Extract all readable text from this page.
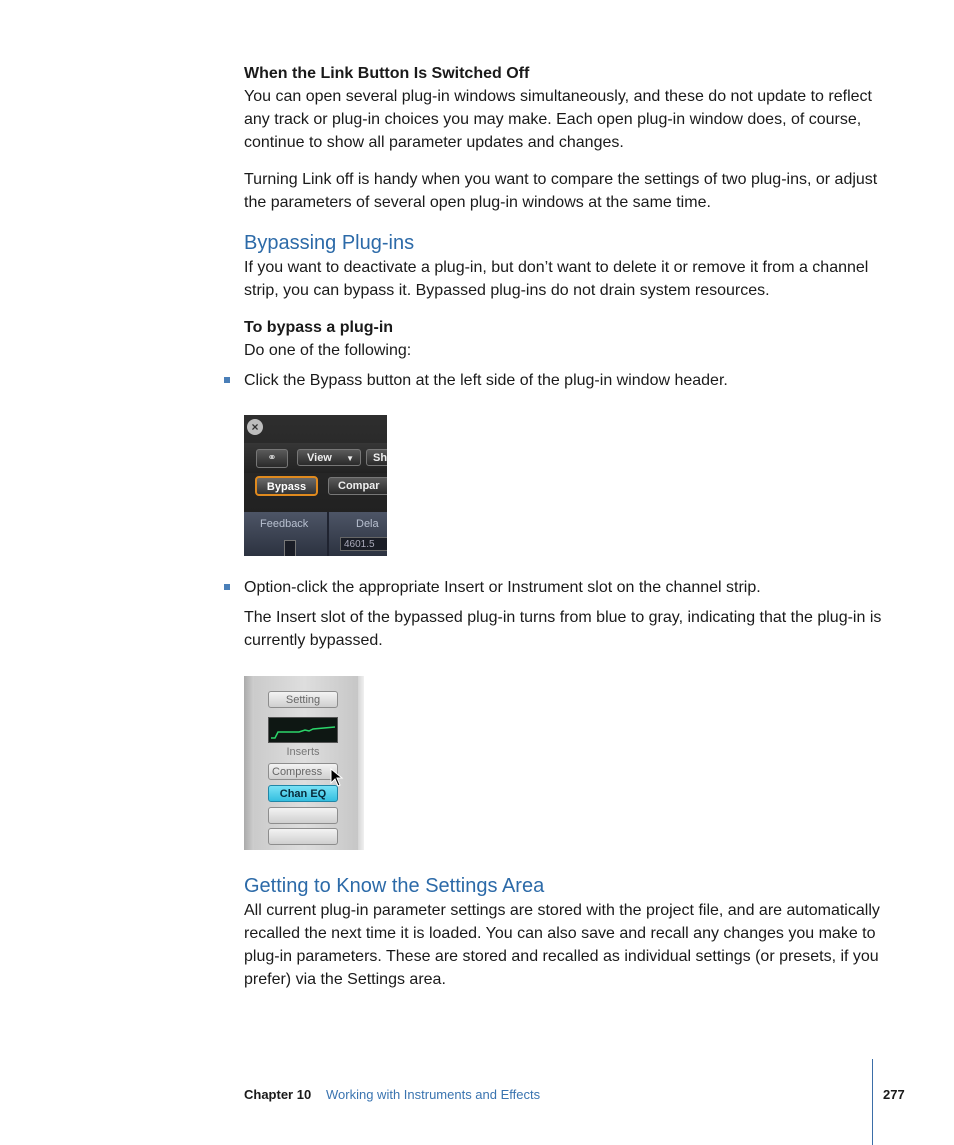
When the Link Button Is Switched Off

You can open several plug-in windows simultaneously, and these do not update to reflect any track or plug-in choices you may make. Each open plug-in window does, of course, continue to show all parameter updates and changes.

Turning Link off is handy when you want to compare the settings of two plug-ins, or adjust the parameters of several open plug-in windows at the same time.

Bypassing Plug-ins

If you want to deactivate a plug-in, but don’t want to delete it or remove it from a channel strip, you can bypass it. Bypassed plug-ins do not drain system resources.

To bypass a plug-in

Do one of the following:

Click the Bypass button at the left side of the plug-in window header.
×
⚭	View ▼	Sh
Bypass	Compar
Feedback	Dela
4601.5
Option-click the appropriate Insert or Instrument slot on the channel strip.

The Insert slot of the bypassed plug-in turns from blue to gray, indicating that the plug-in is currently bypassed.

Setting
Inserts
Compress
Chan EQ
Getting to Know the Settings Area

All current plug-in parameter settings are stored with the project file, and are automatically recalled the next time it is loaded. You can also save and recall any changes you make to plug-in parameters. These are stored and recalled as individual settings (or presets, if you prefer) via the Settings area.

Chapter 10 Working with Instruments and Effects	277
